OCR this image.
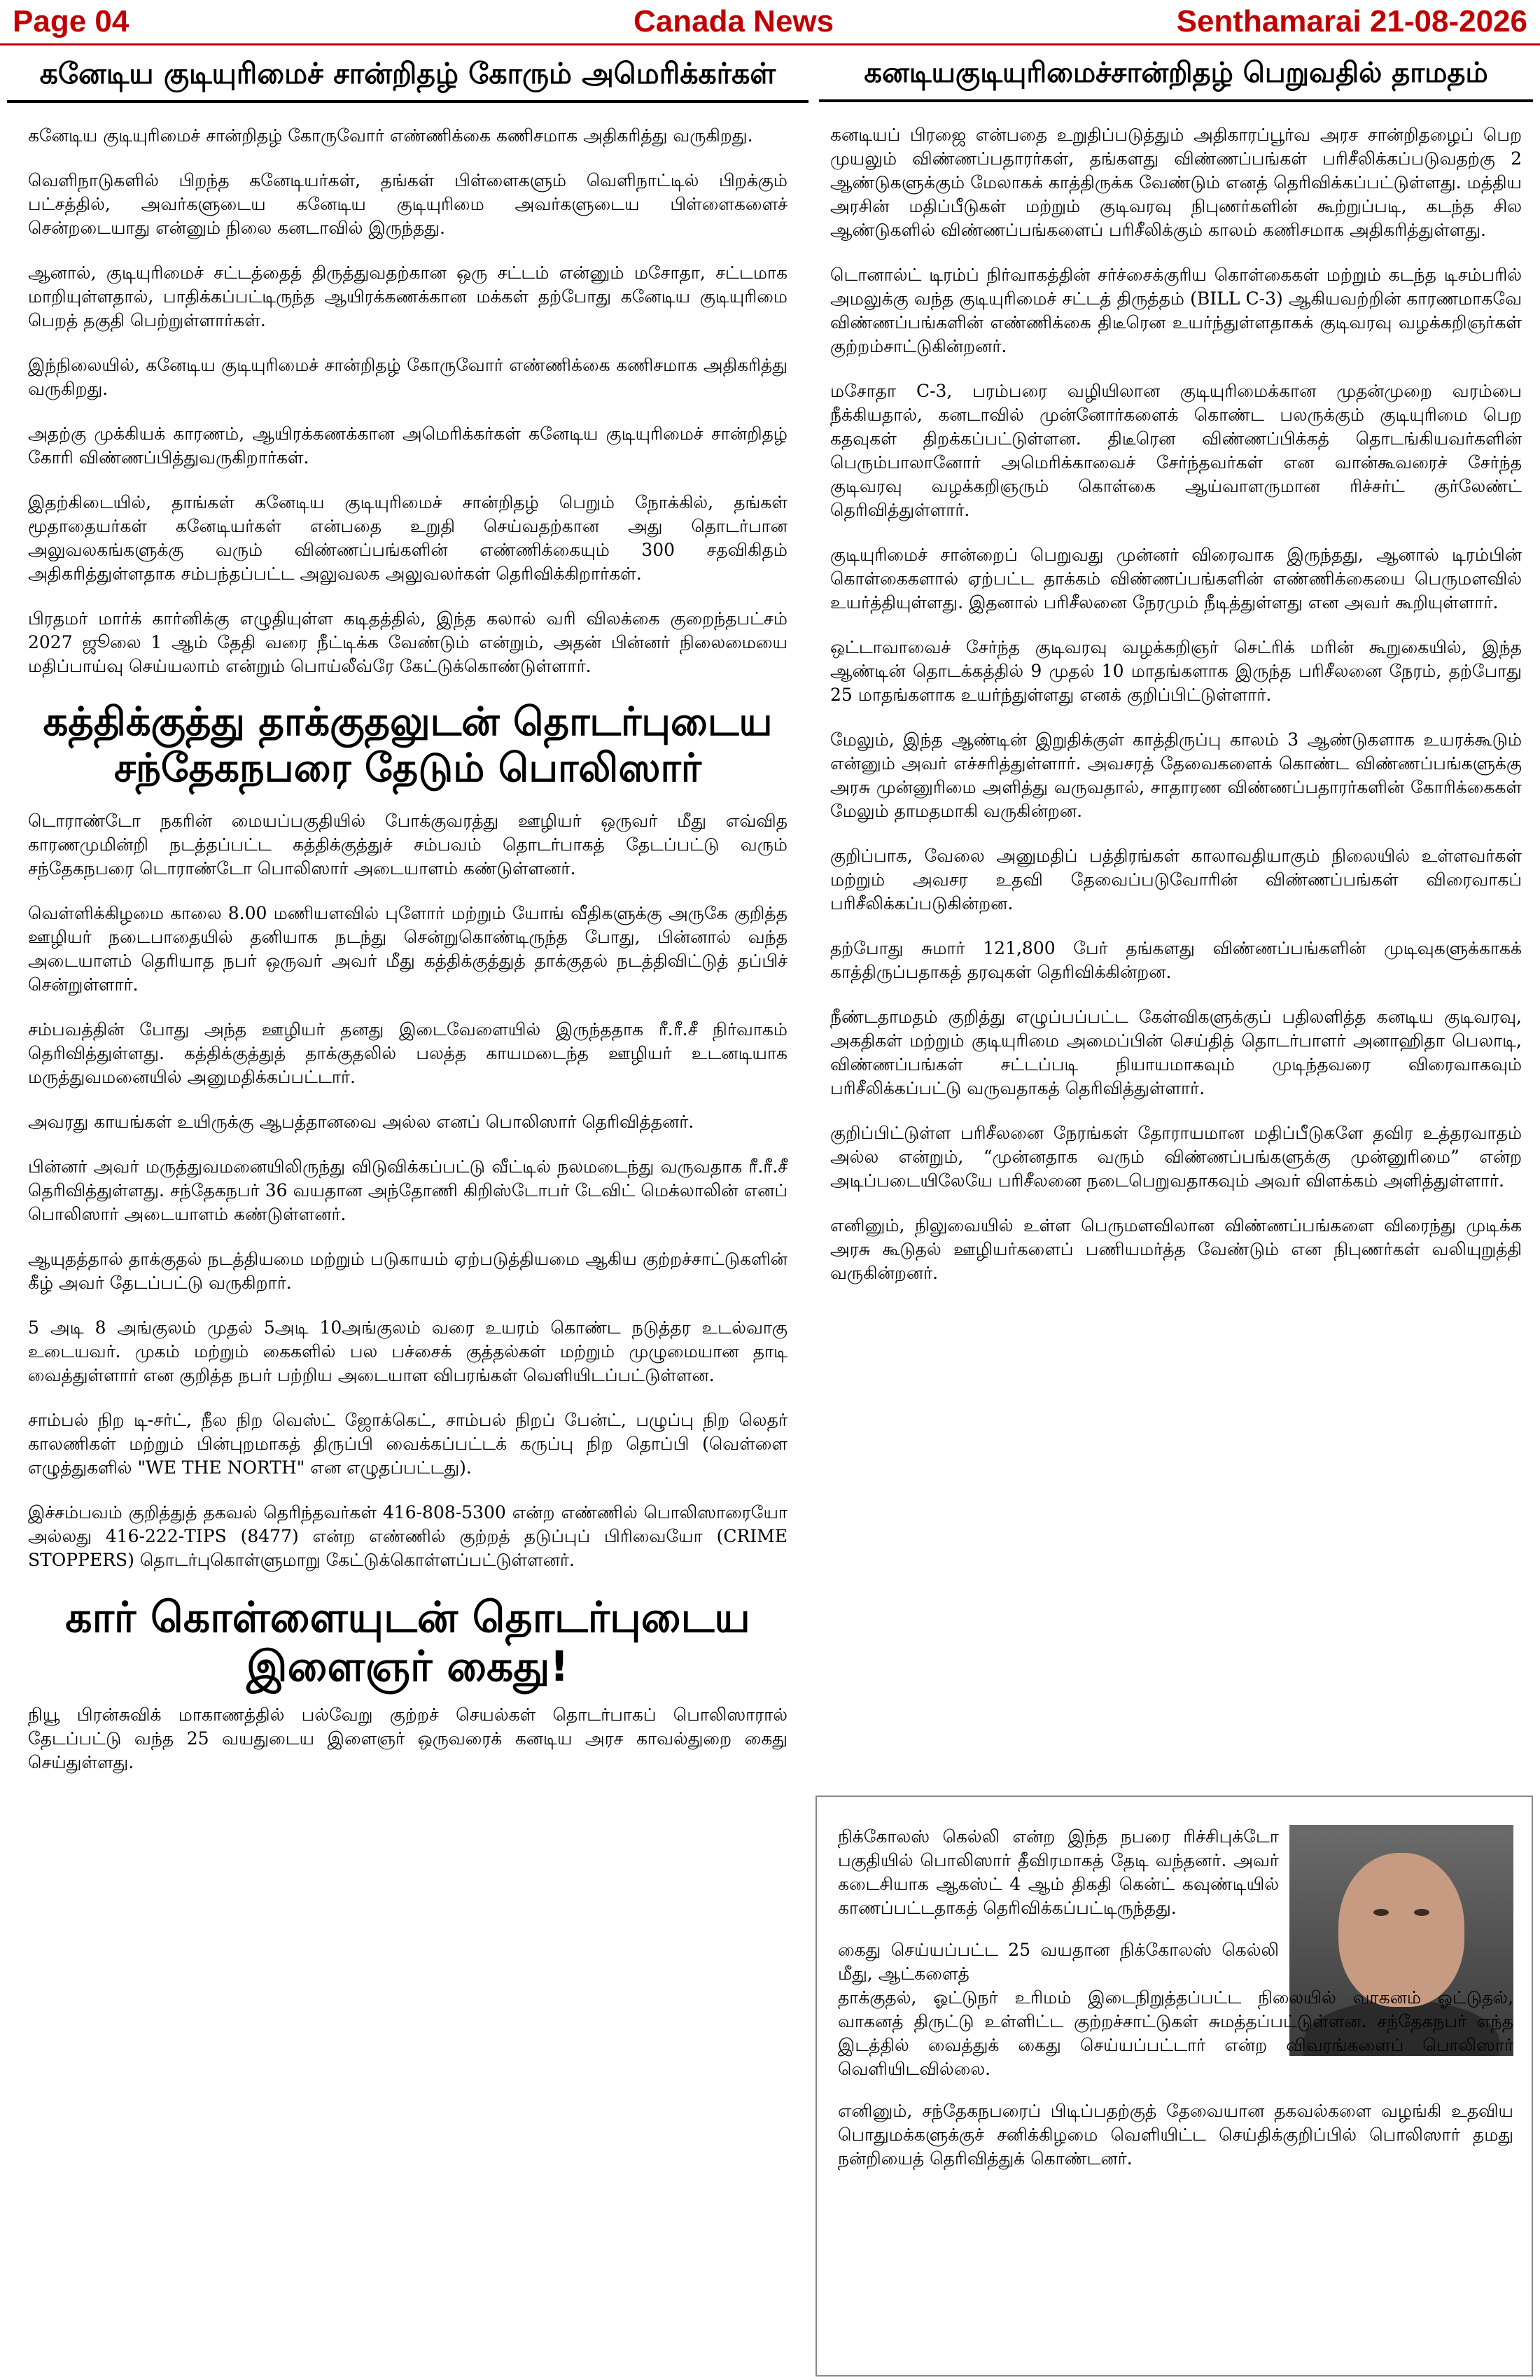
Page 04	Canada News	Senthamarai 21-08-2026
கனேடிய குடியுரிமைச் சான்றிதழ் கோரும் அமெரிக்கர்கள்

கனேடிய குடியுரிமைச் சான்றிதழ் கோருவோர் எண்ணிக்கை கணிசமாக அதிகரித்து வருகிறது.

வெளிநாடுகளில் பிறந்த கனேடியர்கள், தங்கள் பிள்ளைகளும் வெளிநாட்டில் பிறக்கும் பட்சத்தில், அவர்களுடைய கனேடிய குடியுரிமை அவர்களுடைய பிள்ளைகளைச் சென்றடையாது என்னும் நிலை கனடாவில் இருந்தது.

ஆனால், குடியுரிமைச் சட்டத்தைத் திருத்துவதற்கான ஒரு சட்டம் என்னும் மசோதா, சட்டமாக மாறியுள்ளதால், பாதிக்கப்பட்டிருந்த ஆயிரக்கணக்கான மக்கள் தற்போது கனேடிய குடியுரிமை பெறத் தகுதி பெற்றுள்ளார்கள்.

இந்நிலையில், கனேடிய குடியுரிமைச் சான்றிதழ் கோருவோர் எண்ணிக்கை கணிசமாக அதிகரித்து வருகிறது.

அதற்கு முக்கியக் காரணம், ஆயிரக்கணக்கான அமெரிக்கர்கள் கனேடிய குடியுரிமைச் சான்றிதழ் கோரி விண்ணப்பித்துவருகிறார்கள்.

இதற்கிடையில், தாங்கள் கனேடிய குடியுரிமைச் சான்றிதழ் பெறும் நோக்கில், தங்கள் மூதாதையர்கள் கனேடியர்கள் என்பதை உறுதி செய்வதற்கான அது தொடர்பான அலுவலகங்களுக்கு வரும் விண்ணப்பங்களின் எண்ணிக்கையும் 300 சதவிகிதம் அதிகரித்துள்ளதாக சம்பந்தப்பட்ட அலுவலக அலுவலர்கள் தெரிவிக்கிறார்கள்.

பிரதமர் மார்க் கார்னிக்கு எழுதியுள்ள கடிதத்தில், இந்த கலால் வரி விலக்கை குறைந்தபட்சம் 2027 ஜூலை 1 ஆம் தேதி வரை நீட்டிக்க வேண்டும் என்றும், அதன் பின்னர் நிலைமையை மதிப்பாய்வு செய்யலாம் என்றும் பொய்லீவ்ரே கேட்டுக்கொண்டுள்ளார்.

கத்திக்குத்து தாக்குதலுடன் தொடர்புடைய சந்தேகநபரை தேடும் பொலிஸார்

டொராண்டோ நகரின் மையப்பகுதியில் போக்குவரத்து ஊழியர் ஒருவர் மீது எவ்வித காரணமுமின்றி நடத்தப்பட்ட கத்திக்குத்துச் சம்பவம் தொடர்பாகத் தேடப்பட்டு வரும் சந்தேகநபரை டொராண்டோ பொலிஸார் அடையாளம் கண்டுள்ளனர்.

வெள்ளிக்கிழமை காலை 8.00 மணியளவில் புளோர் மற்றும் யோங் வீதிகளுக்கு அருகே குறித்த ஊழியர் நடைபாதையில் தனியாக நடந்து சென்றுகொண்டிருந்த போது, பின்னால் வந்த அடையாளம் தெரியாத நபர் ஒருவர் அவர் மீது கத்திக்குத்துத் தாக்குதல் நடத்திவிட்டுத் தப்பிச் சென்றுள்ளார்.

சம்பவத்தின் போது அந்த ஊழியர் தனது இடைவேளையில் இருந்ததாக ரீ.ரீ.சீ நிர்வாகம் தெரிவித்துள்ளது. கத்திக்குத்துத் தாக்குதலில் பலத்த காயமடைந்த ஊழியர் உடனடியாக மருத்துவமனையில் அனுமதிக்கப்பட்டார்.

அவரது காயங்கள் உயிருக்கு ஆபத்தானவை அல்ல எனப் பொலிஸார் தெரிவித்தனர்.

பின்னர் அவர் மருத்துவமனையிலிருந்து விடுவிக்கப்பட்டு வீட்டில் நலமடைந்து வருவதாக ரீ.ரீ.சீ தெரிவித்துள்ளது. சந்தேகநபர் 36 வயதான அந்தோணி கிறிஸ்டோபர் டேவிட் மெக்லாலின் எனப் பொலிஸார் அடையாளம் கண்டுள்ளனர்.

ஆயுதத்தால் தாக்குதல் நடத்தியமை மற்றும் படுகாயம் ஏற்படுத்தியமை ஆகிய குற்றச்சாட்டுகளின் கீழ் அவர் தேடப்பட்டு வருகிறார்.

5 அடி 8 அங்குலம் முதல் 5அடி 10அங்குலம் வரை உயரம் கொண்ட நடுத்தர உடல்வாகு உடையவர். முகம் மற்றும் கைகளில் பல பச்சைக் குத்தல்கள் மற்றும் முழுமையான தாடி வைத்துள்ளார் என குறித்த நபர் பற்றிய அடையாள விபரங்கள் வெளியிடப்பட்டுள்ளன.

சாம்பல் நிற டி-சர்ட், நீல நிற வெஸ்ட் ஜோக்கெட், சாம்பல் நிறப் பேன்ட், பழுப்பு நிற லெதர் காலணிகள் மற்றும் பின்புறமாகத் திருப்பி வைக்கப்பட்டக் கருப்பு நிற தொப்பி (வெள்ளை எழுத்துகளில் "WE THE NORTH" என எழுதப்பட்டது).

இச்சம்பவம் குறித்துத் தகவல் தெரிந்தவர்கள் 416-808-5300 என்ற எண்ணில் பொலிஸாரையோ அல்லது 416-222-TIPS (8477) என்ற எண்ணில் குற்றத் தடுப்புப் பிரிவையோ (CRIME STOPPERS) தொடர்புகொள்ளுமாறு கேட்டுக்கொள்ளப்பட்டுள்ளனர்.

கார் கொள்ளையுடன் தொடர்புடைய இளைஞர் கைது!

நியூ பிரன்சுவிக் மாகாணத்தில் பல்வேறு குற்றச் செயல்கள் தொடர்பாகப் பொலிஸாரால் தேடப்பட்டு வந்த 25 வயதுடைய இளைஞர் ஒருவரைக் கனடிய அரச காவல்துறை கைது செய்துள்ளது.

கனடியகுடியுரிமைச்சான்றிதழ் பெறுவதில் தாமதம்

கனடியப் பிரஜை என்பதை உறுதிப்படுத்தும் அதிகாரப்பூர்வ அரச சான்றிதழைப் பெற முயலும் விண்ணப்பதாரர்கள், தங்களது விண்ணப்பங்கள் பரிசீலிக்கப்படுவதற்கு 2 ஆண்டுகளுக்கும் மேலாகக் காத்திருக்க வேண்டும் எனத் தெரிவிக்கப்பட்டுள்ளது. மத்திய அரசின் மதிப்பீடுகள் மற்றும் குடிவரவு நிபுணர்களின் கூற்றுப்படி, கடந்த சில ஆண்டுகளில் விண்ணப்பங்களைப் பரிசீலிக்கும் காலம் கணிசமாக அதிகரித்துள்ளது.

டொனால்ட் டிரம்ப் நிர்வாகத்தின் சர்ச்சைக்குரிய கொள்கைகள் மற்றும் கடந்த டிசம்பரில் அமலுக்கு வந்த குடியுரிமைச் சட்டத் திருத்தம் (BILL C-3) ஆகியவற்றின் காரணமாகவே விண்ணப்பங்களின் எண்ணிக்கை திடீரென உயர்ந்துள்ளதாகக் குடிவரவு வழக்கறிஞர்கள் குற்றம்சாட்டுகின்றனர்.

மசோதா C-3, பரம்பரை வழியிலான குடியுரிமைக்கான முதன்முறை வரம்பை நீக்கியதால், கனடாவில் முன்னோர்களைக் கொண்ட பலருக்கும் குடியுரிமை பெற கதவுகள் திறக்கப்பட்டுள்ளன. திடீரென விண்ணப்பிக்கத் தொடங்கியவர்களின் பெரும்பாலானோர் அமெரிக்காவைச் சேர்ந்தவர்கள் என வான்கூவரைச் சேர்ந்த குடிவரவு வழக்கறிஞரும் கொள்கை ஆய்வாளருமான ரிச்சர்ட் குர்லேண்ட் தெரிவித்துள்ளார்.

குடியுரிமைச் சான்றைப் பெறுவது முன்னர் விரைவாக இருந்தது, ஆனால் டிரம்பின் கொள்கைகளால் ஏற்பட்ட தாக்கம் விண்ணப்பங்களின் எண்ணிக்கையை பெருமளவில் உயர்த்தியுள்ளது. இதனால் பரிசீலனை நேரமும் நீடித்துள்ளது என அவர் கூறியுள்ளார்.

ஒட்டாவாவைச் சேர்ந்த குடிவரவு வழக்கறிஞர் செட்ரிக் மரின் கூறுகையில், இந்த ஆண்டின் தொடக்கத்தில் 9 முதல் 10 மாதங்களாக இருந்த பரிசீலனை நேரம், தற்போது 25 மாதங்களாக உயர்ந்துள்ளது எனக் குறிப்பிட்டுள்ளார்.

மேலும், இந்த ஆண்டின் இறுதிக்குள் காத்திருப்பு காலம் 3 ஆண்டுகளாக உயரக்கூடும் என்னும் அவர் எச்சரித்துள்ளார். அவசரத் தேவைகளைக் கொண்ட விண்ணப்பங்களுக்கு அரசு முன்னுரிமை அளித்து வருவதால், சாதாரண விண்ணப்பதாரர்களின் கோரிக்கைகள் மேலும் தாமதமாகி வருகின்றன.

குறிப்பாக, வேலை அனுமதிப் பத்திரங்கள் காலாவதியாகும் நிலையில் உள்ளவர்கள் மற்றும் அவசர உதவி தேவைப்படுவோரின் விண்ணப்பங்கள் விரைவாகப் பரிசீலிக்கப்படுகின்றன.

தற்போது சுமார் 121,800 பேர் தங்களது விண்ணப்பங்களின் முடிவுகளுக்காகக் காத்திருப்பதாகத் தரவுகள் தெரிவிக்கின்றன.

நீண்டதாமதம் குறித்து எழுப்பப்பட்ட கேள்விகளுக்குப் பதிலளித்த கனடிய குடிவரவு, அகதிகள் மற்றும் குடியுரிமை அமைப்பின் செய்தித் தொடர்பாளர் அனாஹிதா பெலாடி, விண்ணப்பங்கள் சட்டப்படி நியாயமாகவும் முடிந்தவரை விரைவாகவும் பரிசீலிக்கப்பட்டு வருவதாகத் தெரிவித்துள்ளார்.

குறிப்பிட்டுள்ள பரிசீலனை நேரங்கள் தோராயமான மதிப்பீடுகளே தவிர உத்தரவாதம் அல்ல என்றும், “முன்னதாக வரும் விண்ணப்பங்களுக்கு முன்னுரிமை” என்ற அடிப்படையிலேயே பரிசீலனை நடைபெறுவதாகவும் அவர் விளக்கம் அளித்துள்ளார்.

எனினும், நிலுவையில் உள்ள பெருமளவிலான விண்ணப்பங்களை விரைந்து முடிக்க அரசு கூடுதல் ஊழியர்களைப் பணியமர்த்த வேண்டும் என நிபுணர்கள் வலியுறுத்தி வருகின்றனர்.

நிக்கோலஸ் கெல்லி என்ற இந்த நபரை ரிச்சிபுக்டோ பகுதியில் பொலிஸார் தீவிரமாகத் தேடி வந்தனர். அவர் கடைசியாக ஆகஸ்ட் 4 ஆம் திகதி கென்ட் கவுண்டியில் காணப்பட்டதாகத் தெரிவிக்கப்பட்டிருந்தது.

கைது செய்யப்பட்ட 25 வயதான நிக்கோலஸ் கெல்லி மீது, ஆட்களைத்

தாக்குதல், ஓட்டுநர் உரிமம் இடைநிறுத்தப்பட்ட நிலையில் வாகனம் ஓட்டுதல், வாகனத் திருட்டு உள்ளிட்ட குற்றச்சாட்டுகள் சுமத்தப்பட்டுள்ளன. சந்தேகநபர் எந்த இடத்தில் வைத்துக் கைது செய்யப்பட்டார் என்ற விவரங்களைப் பொலிஸார் வெளியிடவில்லை.

எனினும், சந்தேகநபரைப் பிடிப்பதற்குத் தேவையான தகவல்களை வழங்கி உதவிய பொதுமக்களுக்குச் சனிக்கிழமை வெளியிட்ட செய்திக்குறிப்பில் பொலிஸார் தமது நன்றியைத் தெரிவித்துக் கொண்டனர்.
